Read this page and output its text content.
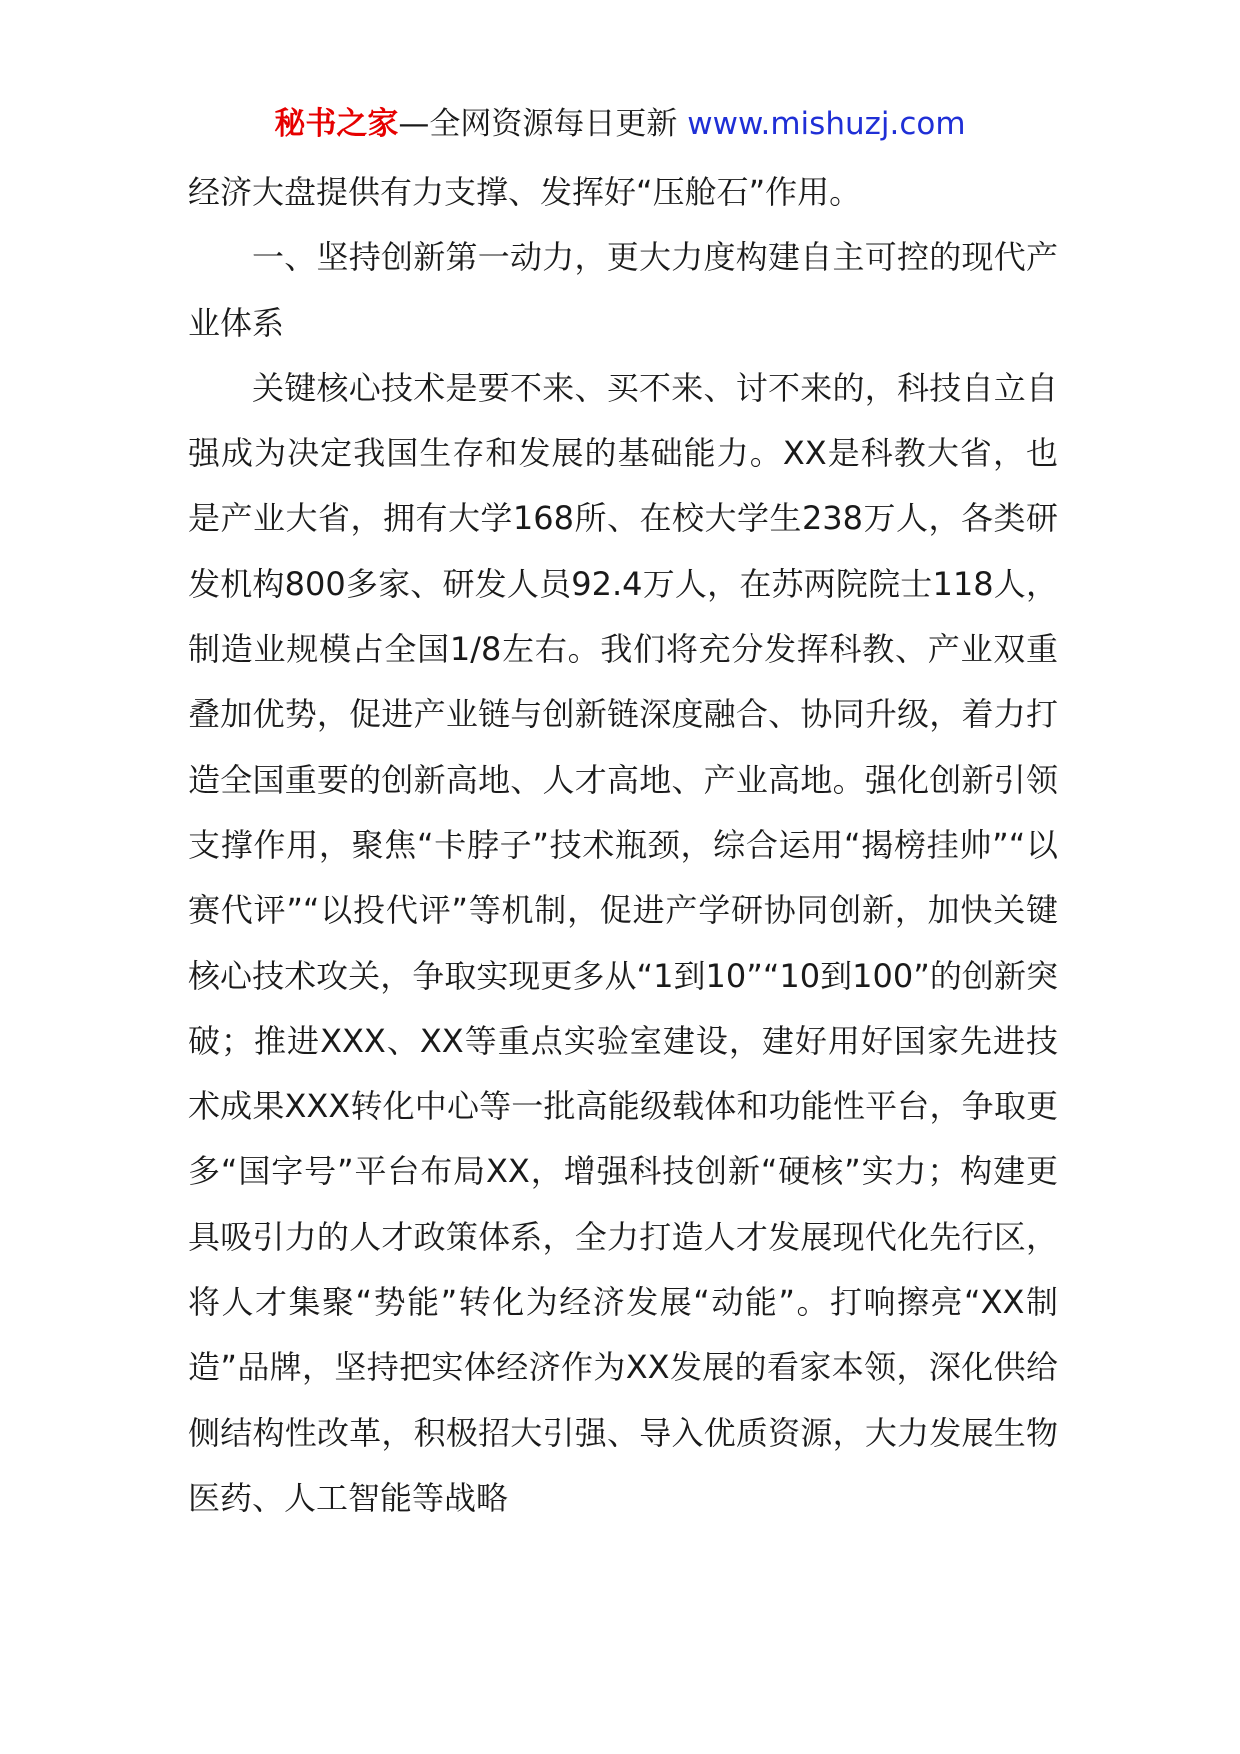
秘书之家—全网资源每日更新 www.mishuzj.com

经济大盘提供有力支撑、发挥好“压舱石”作用。

一、坚持创新第一动力，更大力度构建自主可控的现代产业体系

关键核心技术是要不来、买不来、讨不来的，科技自立自强成为决定我国生存和发展的基础能力。XX是科教大省，也是产业大省，拥有大学168所、在校大学生238万人，各类研发机构800多家、研发人员92.4万人，在苏两院院士118人，制造业规模占全国1/8左右。我们将充分发挥科教、产业双重叠加优势，促进产业链与创新链深度融合、协同升级，着力打造全国重要的创新高地、人才高地、产业高地。强化创新引领支撑作用，聚焦“卡脖子”技术瓶颈，综合运用“揭榜挂帅”“以赛代评”“以投代评”等机制，促进产学研协同创新，加快关键核心技术攻关，争取实现更多从“1到10”“10到100”的创新突破；推进XXX、XX等重点实验室建设，建好用好国家先进技术成果XXX转化中心等一批高能级载体和功能性平台，争取更多“国字号”平台布局XX，增强科技创新“硬核”实力；构建更具吸引力的人才政策体系，全力打造人才发展现代化先行区，将人才集聚“势能”转化为经济发展“动能”。打响擦亮“XX制造”品牌，坚持把实体经济作为XX发展的看家本领，深化供给侧结构性改革，积极招大引强、导入优质资源，大力发展生物医药、人工智能等战略
